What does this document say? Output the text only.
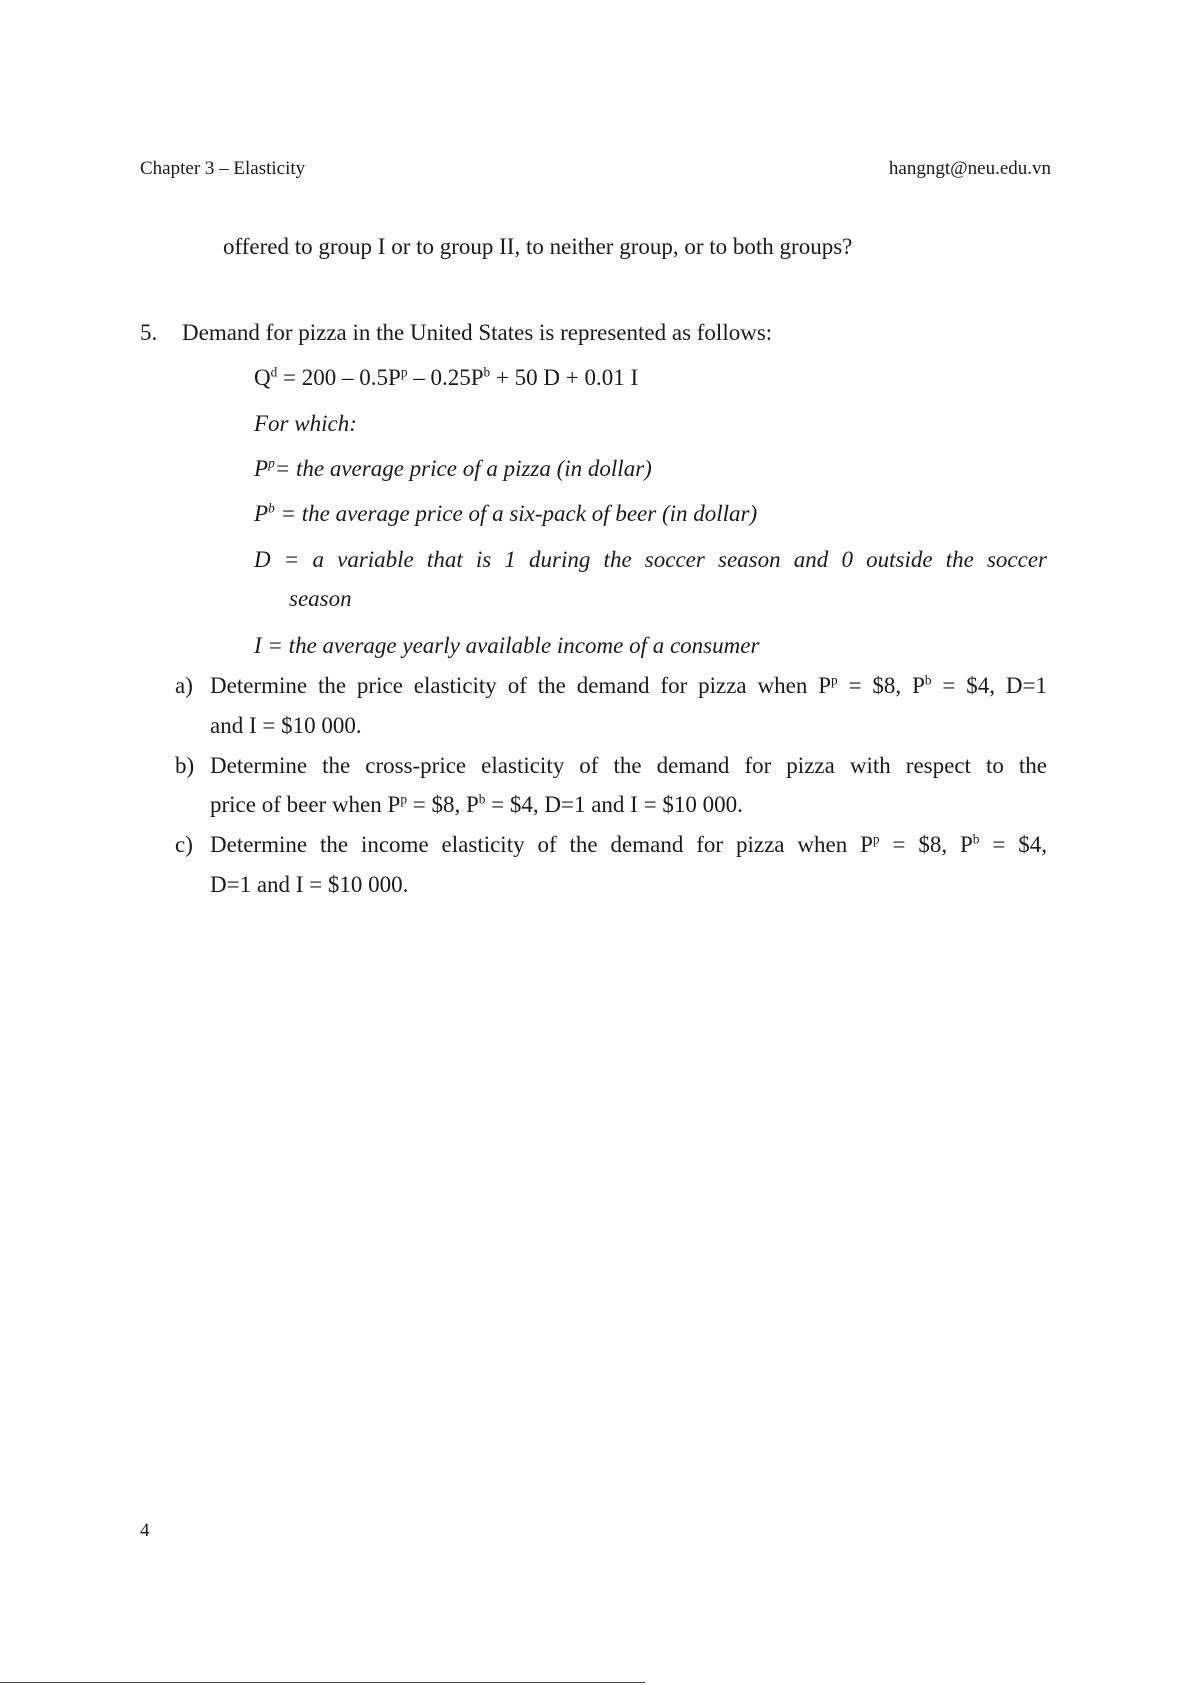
Chapter 3 – Elasticity	hangngt@neu.edu.vn
offered to group I or to group II, to neither group, or to both groups?
5. Demand for pizza in the United States is represented as follows:
$Q^d = 200 - 0.5P^p - 0.25P^b + 50$ D + 0.01 I
For which:
$P^p=$ the average price of a pizza (in dollar)
$P^b$ = the average price of a six-pack of beer (in dollar)
D = a variable that is 1 during the soccer season and 0 outside the soccer
season
I = the average yearly available income of a consumer
a) Determine the price elasticity of the demand for pizza when $P^p$ = $8, $P^b$ = $4, D=1
and I = $10 000.
b) Determine the cross-price elasticity of the demand for pizza with respect to the
price of beer when $P^p$ = $8, $P^b$ = $4, D=1 and I = $10 000.
c) Determine the income elasticity of the demand for pizza when $P^p$ = $8, $P^b$ = $4,
D=1 and I = $10 000.
4
